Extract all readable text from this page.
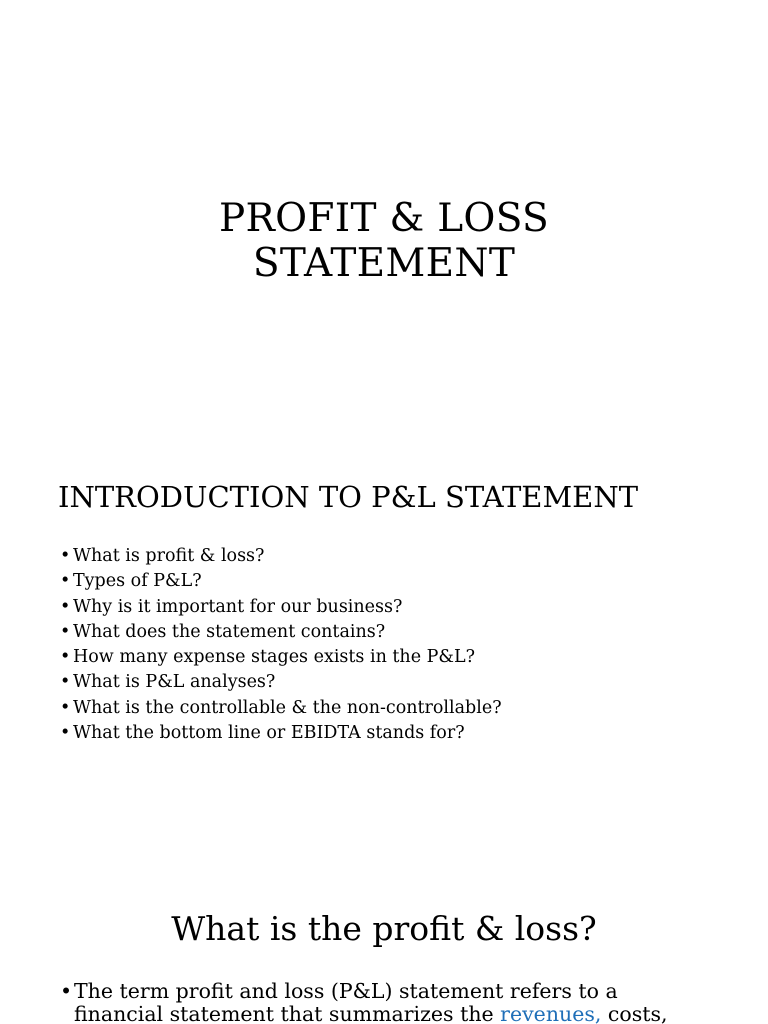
PROFIT & LOSS
STATEMENT
INTRODUCTION TO P&L STATEMENT
• What is profit & loss?
• Types of P&L?
• Why is it important for our business?
• What does the statement contains?
• How many expense stages exists in the P&L?
• What is P&L analyses?
• What is the controllable & the non-controllable?
• What the bottom line or EBIDTA stands for?
What is the profit & loss?
• The term profit and loss (P&L) statement refers to a
financial statement that summarizes the revenues, costs,
